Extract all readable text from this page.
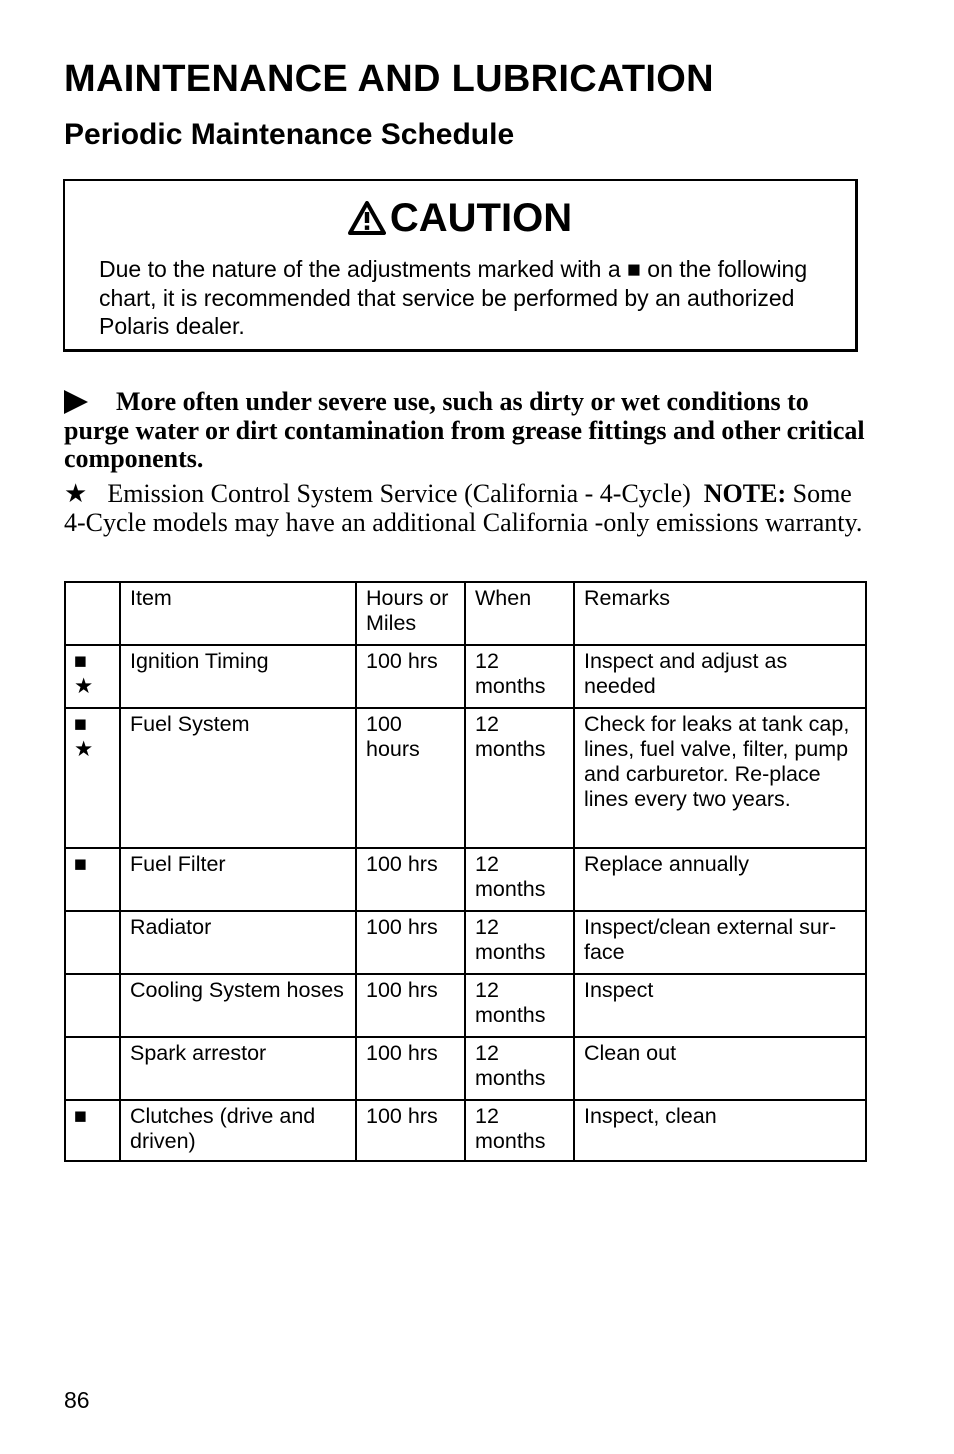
MAINTENANCE AND LUBRICATION
Periodic Maintenance Schedule
CAUTION
Due to the nature of the adjustments marked with a ■ on the following chart, it is recommended that service be performed by an authorized Polaris dealer.
More often under severe use, such as dirty or wet conditions to purge water or dirt contamination from grease fittings and other critical components.
★ Emission Control System Service (California - 4-Cycle) NOTE: Some 4-Cycle models may have an additional California -only emissions warranty.
	Item	Hours or Miles	When	Remarks

■
★	Ignition Timing	100 hrs	12 months	Inspect and adjust as needed

■
★	Fuel System	100 hours	12 months	Check for leaks at tank cap, lines, fuel valve, filter, pump and carburetor. Re-place lines every two years.

■	Fuel Filter	100 hrs	12 months	Replace annually

	Radiator	100 hrs	12 months	Inspect/clean external sur-face

	Cooling System hoses	100 hrs	12 months	Inspect

	Spark arrestor	100 hrs	12 months	Clean out

■	Clutches (drive and driven)	100 hrs	12 months	Inspect, clean
86
